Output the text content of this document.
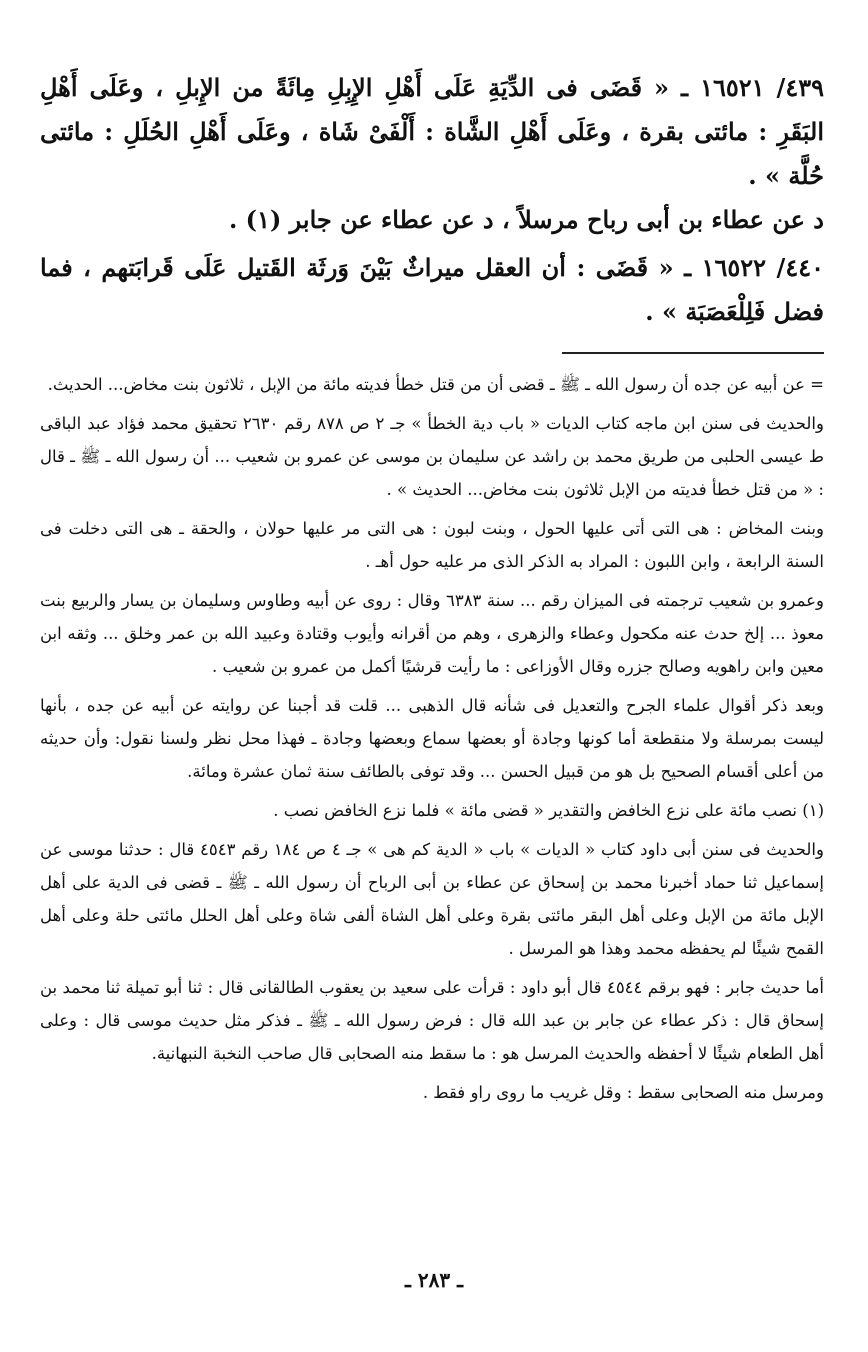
٤٣٩/ ١٦٥٢١ ـ « قَضَى فى الدِّيَةِ عَلَى أَهْلِ الإِبِلِ مِائَةً من الإِبلِ ، وعَلَى أَهْلِ البَقَرِ : مائتى بقرة ، وعَلَى أَهْلِ الشَّاة : أَلْفَىْ شَاة ، وعَلَى أَهْلِ الحُلَلِ : مائتى حُلَّة » .

د عن عطاء بن أبى رباح مرسلاً ، د عن عطاء عن جابر (١) .

٤٤٠/ ١٦٥٢٢ ـ « قَضَى : أن العقل ميراثٌ بَيْنَ وَرثَة القَتيل عَلَى قَرابَتهم ، فما فضل فَلِلْعَصَبَة » .

= عن أبيه عن جده أن رسول الله ـ ﷺ ـ قضى أن من قتل خطأ فديته مائة من الإبل ، ثلاثون بنت مخاض... الحديث.

والحديث فى سنن ابن ماجه كتاب الديات « باب دية الخطأ » جـ ٢ ص ٨٧٨ رقم ٢٦٣٠ تحقيق محمد فؤاد عبد الباقى ط عيسى الحلبى من طريق محمد بن راشد عن سليمان بن موسى عن عمرو بن شعيب ... أن رسول الله ـ ﷺ ـ قال : « من قتل خطأ فديته من الإبل ثلاثون بنت مخاض... الحديث » .

وبنت المخاض : هى التى أتى عليها الحول ، وبنت لبون : هى التى مر عليها حولان ، والحقة ـ هى التى دخلت فى السنة الرابعة ، وابن اللبون : المراد به الذكر الذى مر عليه حول أهـ .

وعمرو بن شعيب ترجمته فى الميزان رقم ... سنة ٦٣٨٣ وقال : روى عن أبيه وطاوس وسليمان بن يسار والربيع بنت معوذ ... إلخ حدث عنه مكحول وعطاء والزهرى ، وهم من أقرانه وأيوب وقتادة وعبيد الله بن عمر وخلق ... وثقه ابن معين وابن راهويه وصالح جزره وقال الأوزاعى : ما رأيت قرشيًا أكمل من عمرو بن شعيب .

وبعد ذكر أقوال علماء الجرح والتعديل فى شأنه قال الذهبى ... قلت قد أجبنا عن روايته عن أبيه عن جده ، بأنها ليست بمرسلة ولا منقطعة أما كونها وجادة أو بعضها سماع وبعضها وجادة ـ فهذا محل نظر ولسنا نقول: وأن حديثه من أعلى أقسام الصحيح بل هو من قبيل الحسن ... وقد توفى بالطائف سنة ثمان عشرة ومائة.

(١) نصب مائة على نزع الخافض والتقدير « قضى مائة » فلما نزع الخافض نصب .

والحديث فى سنن أبى داود كتاب « الديات » باب « الدية كم هى » جـ ٤ ص ١٨٤ رقم ٤٥٤٣ قال : حدثنا موسى عن إسماعيل ثنا حماد أخبرنا محمد بن إسحاق عن عطاء بن أبى الرباح أن رسول الله ـ ﷺ ـ قضى فى الدية على أهل الإبل مائة من الإبل وعلى أهل البقر مائتى بقرة وعلى أهل الشاة ألفى شاة وعلى أهل الحلل مائتى حلة وعلى أهل القمح شيئًا لم يحفظه محمد وهذا هو المرسل .

أما حديث جابر : فهو برقم ٤٥٤٤ قال أبو داود : قرأت على سعيد بن يعقوب الطالقانى قال : ثنا أبو تميلة ثنا محمد بن إسحاق قال : ذكر عطاء عن جابر بن عبد الله قال : فرض رسول الله ـ ﷺ ـ فذكر مثل حديث موسى قال : وعلى أهل الطعام شيئًا لا أحفظه والحديث المرسل هو : ما سقط منه الصحابى قال صاحب النخبة النبهانية.

ومرسل منه الصحابى سقط : وقل غريب ما روى راو فقط .

ـ ٢٨٣ ـ
